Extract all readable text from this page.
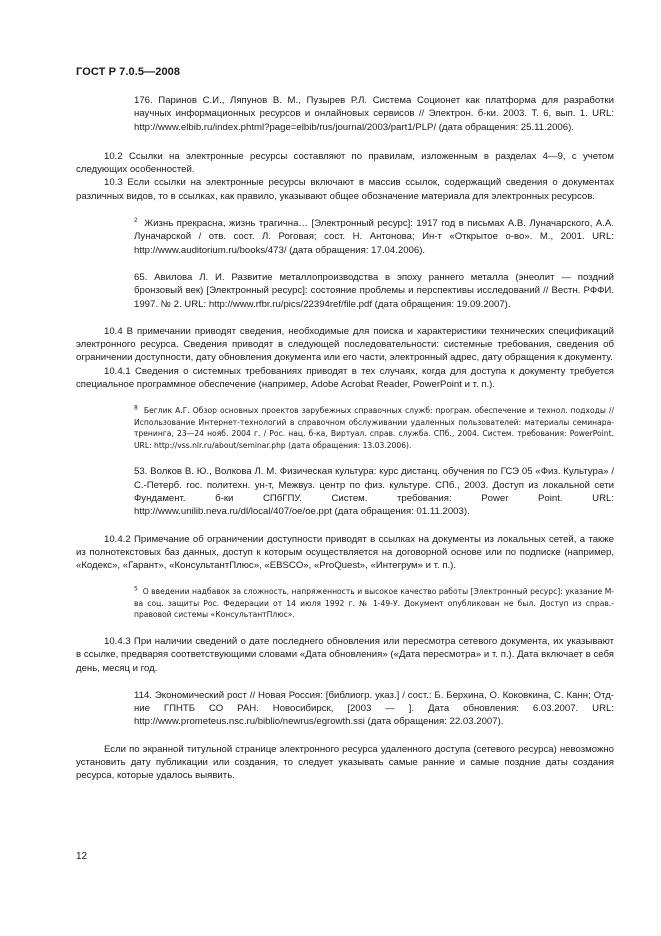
ГОСТ Р 7.0.5—2008

176. Паринов С.И., Ляпунов В. М., Пузырев Р.Л. Система Соционет как платформа для разработки научных информационных ресурсов и онлайновых сервисов // Электрон. б-ки. 2003. Т. 6, вып. 1. URL: http://www.elbib.ru/index.phtml?page=elbib/rus/journal/2003/part1/PLP/ (дата обращения: 25.11.2006).

10.2 Ссылки на электронные ресурсы составляют по правилам, изложенным в разделах 4—9, с учетом следующих особенностей.

10.3 Если ссылки на электронные ресурсы включают в массив ссылок, содержащий сведения о документах различных видов, то в ссылках, как правило, указывают общее обозначение материала для электронных ресурсов.

$^2$ Жизнь прекрасна, жизнь трагична… [Электронный ресурс]: 1917 год в письмах А.В. Луначарского, А.А. Луначарской / отв. сост. Л. Роговая; сост. Н. Антонова; Ин-т «Открытое о-во». М., 2001. URL: http://www.auditorium.ru/books/473/ (дата обращения: 17.04.2006).

65. Авилова Л. И. Развитие металлопроизводства в эпоху раннего металла (энеолит — поздний бронзовый век) [Электронный ресурс]: состояние проблемы и перспективы исследований // Вестн. РФФИ. 1997. № 2. URL: http://www.rfbr.ru/pics/22394ref/file.pdf (дата обращения: 19.09.2007).

10.4 В примечании приводят сведения, необходимые для поиска и характеристики технических спецификаций электронного ресурса. Сведения приводят в следующей последовательности: системные требования, сведения об ограничении доступности, дату обновления документа или его части, электронный адрес, дату обращения к документу.

10.4.1 Сведения о системных требованиях приводят в тех случаях, когда для доступа к документу требуется специальное программное обеспечение (например, Adobe Acrobat Reader, PowerPoint и т. п.).

$^8$ Беглик А.Г. Обзор основных проектов зарубежных справочных служб: програм. обеспечение и технол. подходы // Использование Интернет-технологий в справочном обслуживании удаленных пользователей: материалы семинара-тренинга, 23—24 нояб. 2004 г. / Рос. нац. б-ка, Виртуал. справ. служба. СПб., 2004. Систем. требования: PowerPoint. URL: http://vss.nlr.ru/about/seminar.php (дата обращения: 13.03.2006).

53. Волков В. Ю., Волкова Л. М. Физическая культура: курс дистанц. обучения по ГСЭ 05 «Физ. Культура» / С.-Петерб. гос. политехн. ун-т, Межвуз. центр по физ. культуре. СПб., 2003. Доступ из локальной сети Фундамент. б-ки СПбГПУ. Систем. требования: Power Point. URL: http://www.unilib.neva.ru/dl/local/407/oe/oe.ppt (дата обращения: 01.11.2003).

10.4.2 Примечание об ограничении доступности приводят в ссылках на документы из локальных сетей, а также из полнотекстовых баз данных, доступ к которым осуществляется на договорной основе или по подписке (например, «Кодекс», «Гарант», «КонсультантПлюс», «EBSCO», «ProQuest», «Интегрум» и т. п.).

$^5$ О введении надбавок за сложность, напряженность и высокое качество работы [Электронный ресурс]: указание М-ва соц. защиты Рос. Федерации от 14 июля 1992 г. № 1-49-У. Документ опубликован не был. Доступ из справ.-правовой системы «КонсультантПлюс».

10.4.3 При наличии сведений о дате последнего обновления или пересмотра сетевого документа, их указывают в ссылке, предваряя соответствующими словами «Дата обновления» («Дата пересмотра» и т. п.). Дата включает в себя день, месяц и год.

114. Экономический рост // Новая Россия: [библиогр. указ.] / сост.: Б. Берхина, О. Коковкина, С. Канн; Отд-ние ГПНТБ СО РАН. Новосибирск, [2003 — ]. Дата обновления: 6.03.2007. URL: http://www.prometeus.nsc.ru/biblio/newrus/egrowth.ssi (дата обращения: 22.03.2007).

Если по экранной титульной странице электронного ресурса удаленного доступа (сетевого ресурса) невозможно установить дату публикации или создания, то следует указывать самые ранние и самые поздние даты создания ресурса, которые удалось выявить.

12
